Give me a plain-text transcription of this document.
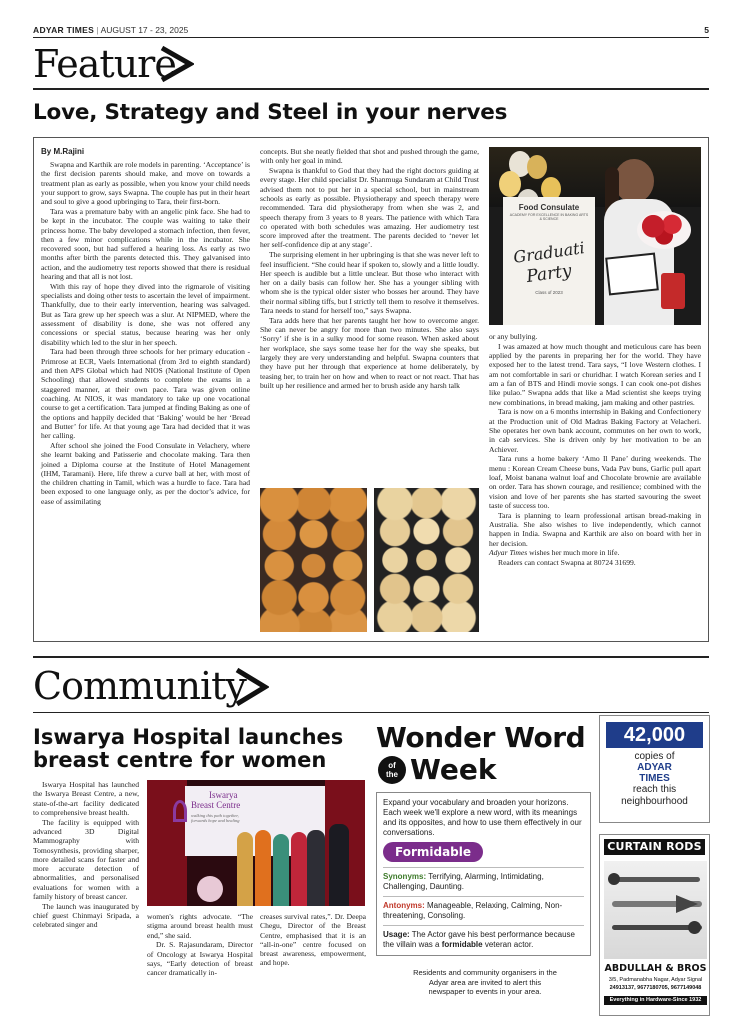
ADYAR TIMES | AUGUST 17 - 23, 2025	5
Feature
Love, Strategy and Steel in your nerves
By M.Rajini

Swapna and Karthik are role models in parenting. ‘Acceptance’ is the first decision parents should make, and move on towards a treatment plan as early as possible, when you know your child needs your support to grow, says Swapna. The couple has put in their heart and soul to give a good upbringing to Tara, their first-born.

Tara was a premature baby with an angelic pink face. She had to be kept in the incubator. The couple was waiting to take their princess home. The baby developed a stomach infection, then fever, then a few minor complications while in the incubator. She recovered soon, but had suffered a hearing loss. As early as two months after birth the parents detected this. They galvanised into action, and the audiometry test reports showed that there is residual hearing and that all is not lost.

With this ray of hope they dived into the rigmarole of visiting specialists and doing other tests to ascertain the level of impairment. Thankfully, due to their early intervention, hearing was salvaged. But as Tara grew up her speech was a slur. At NIPMED, where the assessment of disability is done, she was not offered any concessions or special status, because hearing was her only disability which led to the slur in her speech.

Tara had been through three schools for her primary education - Primrose at ECR, Vaels International (from 3rd to eighth standard) and then APS Global which had NIOS (National Institute of Open Schooling) that allowed students to complete the exams in a staggered manner, at their own pace. Tara was given online coaching. At NIOS, it was mandatory to take up one vocational course to get a certification. Tara jumped at finding Baking as one of the options and happily decided that ‘Baking’ would be her ‘Bread and Butter’ for life. At that young age Tara had decided that it was her calling.

After school she joined the Food Consulate in Velachery, where she learnt baking and Patisserie and chocolate making. Tara then joined a Diploma course at the Institute of Hotel Management (IHM, Taramani). Here, life threw a curve ball at her, with most of the children chatting in Tamil, which was a hurdle to face. Tara had been exposed to one language only, as per the doctor’s advice, for ease of assimilating

concepts. But she neatly fielded that shot and pushed through the game, with only her goal in mind.

Swapna is thankful to God that they had the right doctors guiding at every stage. Her child specialist Dr. Shanmuga Sundaram at Child Trust advised them not to put her in a special school, but in mainstream schools as early as possible. Physiotherapy and speech therapy were recommended. Tara did physiotherapy from when she was 2, and speech therapy from 3 years to 8 years. The patience with which Tara co operated with both schedules was amazing. Her audiometry test score improved after the treatment. The parents decided to ‘never let her self-confidence dip at any stage’.

The surprising element in her upbringing is that she was never left to feel insufficient. “She could hear if spoken to, slowly and a little loudly. Her speech is audible but a little unclear. But those who interact with her on a daily basis can follow her. She has a younger sibling with whom she is the typical older sister who bosses her around. They have their normal sibling tiffs, but I strictly tell them to resolve it themselves. Tara needs to stand for herself too,” says Swapna.

Tara adds here that her parents taught her how to overcome anger. She can never be angry for more than two minutes. She also says ‘Sorry’ if she is in a sulky mood for some reason. When asked about her workplace, she says some tease her for the way she speaks, but largely they are very understanding and helpful. Swapna counters that they have put her through that experience at home deliberately, by teasing her, to train her on how and when to react or not react. That has built up her resilience and armed her to brush aside any harsh talk

Food Consulate
ACADEMY FOR EXCELLENCE IN BAKING ARTS & SCIENCE
Graduati
Party
Class of 2023

or any bullying.

I was amazed at how much thought and meticulous care has been applied by the parents in preparing her for the world. They have exposed her to the latest trend. Tara says, “I love Western clothes. I am not comfortable in sari or churidhar. I watch Korean series and I am a fan of BTS and Hindi movie songs. I can cook one-pot dishes like pulao.” Swapna adds that like a Mad scientist she keeps trying new combinations, in bread making, jam making and other pastries.

Tara is now on a 6 months internship in Baking and Confectionery at the Production unit of Old Madras Baking Factory at Velacheri. She operates her own bank account, commutes on her own to work, in cab services. She is driven only by her motivation to be an Achiever.

Tara runs a home bakery ‘Amo Il Pane’ during weekends. The menu : Korean Cream Cheese buns, Vada Pav buns, Garlic pull apart loaf, Moist banana walnut loaf and Chocolate brownie are available on order. Tara has shown courage, and resilience; combined with the vision and love of her parents she has started savouring the sweet taste of success too.

Tara is planning to learn professional artisan bread-making in Australia. She also wishes to live independently, which cannot happen in India. Swapna and Karthik are also on board with her in her decision.

Adyar Times wishes her much more in life.

Readers can contact Swapna at 80724 31699.

Community
Iswarya Hospital launches
breast centre for women

Iswarya Hospital has launched the Iswarya Breast Centre, a new, state-of-the-art facility dedicated to comprehensive breast health.

The facility is equipped with advanced 3D Digital Mammography with Tomosynthesis, providing sharper, more detailed scans for faster and more accurate detection of abnormalities, and personalised evaluations for women with a family history of breast cancer.

The launch was inaugurated by chief guest Chinmayi Sripada, a celebrated singer and

Iswarya
Breast Centre
walking this path together, forwards hope and healing

women's rights advocate. “The stigma around breast health must end,” she said.

Dr. S. Rajasundaram, Director of Oncology at Iswarya Hospital says, “Early detection of breast cancer dramatically in-

creases survival rates,”. Dr. Deepa Chegu, Director of the Breast Centre, emphasised that it is an “all-in-one” centre focused on breast awareness, empowerment, and hope.

Wonder Word
of
the Week
Expand your vocabulary and broaden your horizons. Each week we'll explore a new word, with its meanings and its opposites, and how to use them effectively in our conversations.
Formidable
Synonyms: Terrifying, Alarming, Intimidating, Challenging, Daunting.
Antonyms: Manageable, Relaxing, Calming, Non-threatening, Consoling.
Usage: The Actor gave his best performance because the villain was a formidable veteran actor.
Residents and community organisers in the Adyar area are invited to alert this newspaper to events in your area.
42,000
copies of
ADYAR
TIMES
reach this
neighbourhood
CURTAIN RODS
ABDULLAH & BROS
3/5, Padmanabha Nagar, Adyar Signal
24913137, 9677180705, 9677149048
Everything in Hardware-Since 1932
